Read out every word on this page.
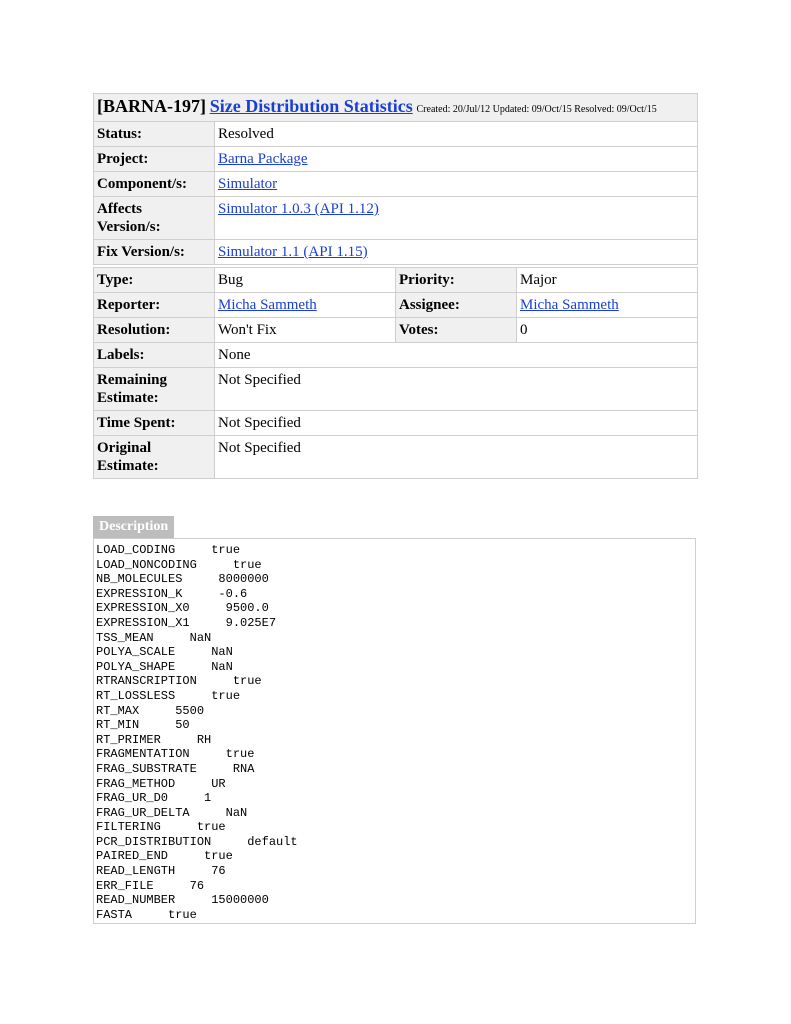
[BARNA-197] Size Distribution Statistics Created: 20/Jul/12 Updated: 09/Oct/15 Resolved: 09/Oct/15	
Status:	Resolved
Project:	Barna Package
Component/s:	Simulator
Affects
Version/s:	Simulator 1.0.3 (API 1.12)
Fix Version/s:	Simulator 1.1 (API 1.15)
Type:	Bug	Priority:	Major
Reporter:	Micha Sammeth	Assignee:	Micha Sammeth
Resolution:	Won't Fix	Votes:	0
Labels:	None		
Remaining
Estimate:	Not Specified		
Time Spent:	Not Specified		
Original
Estimate:	Not Specified		
Description
LOAD_CODING     true
LOAD_NONCODING     true
NB_MOLECULES     8000000
EXPRESSION_K     -0.6
EXPRESSION_X0     9500.0
EXPRESSION_X1     9.025E7
TSS_MEAN     NaN
POLYA_SCALE     NaN
POLYA_SHAPE     NaN
RTRANSCRIPTION     true
RT_LOSSLESS     true
RT_MAX     5500
RT_MIN     50
RT_PRIMER     RH
FRAGMENTATION     true
FRAG_SUBSTRATE     RNA
FRAG_METHOD     UR
FRAG_UR_D0     1
FRAG_UR_DELTA     NaN
FILTERING     true
PCR_DISTRIBUTION     default
PAIRED_END     true
READ_LENGTH     76
ERR_FILE     76
READ_NUMBER     15000000
FASTA     true
